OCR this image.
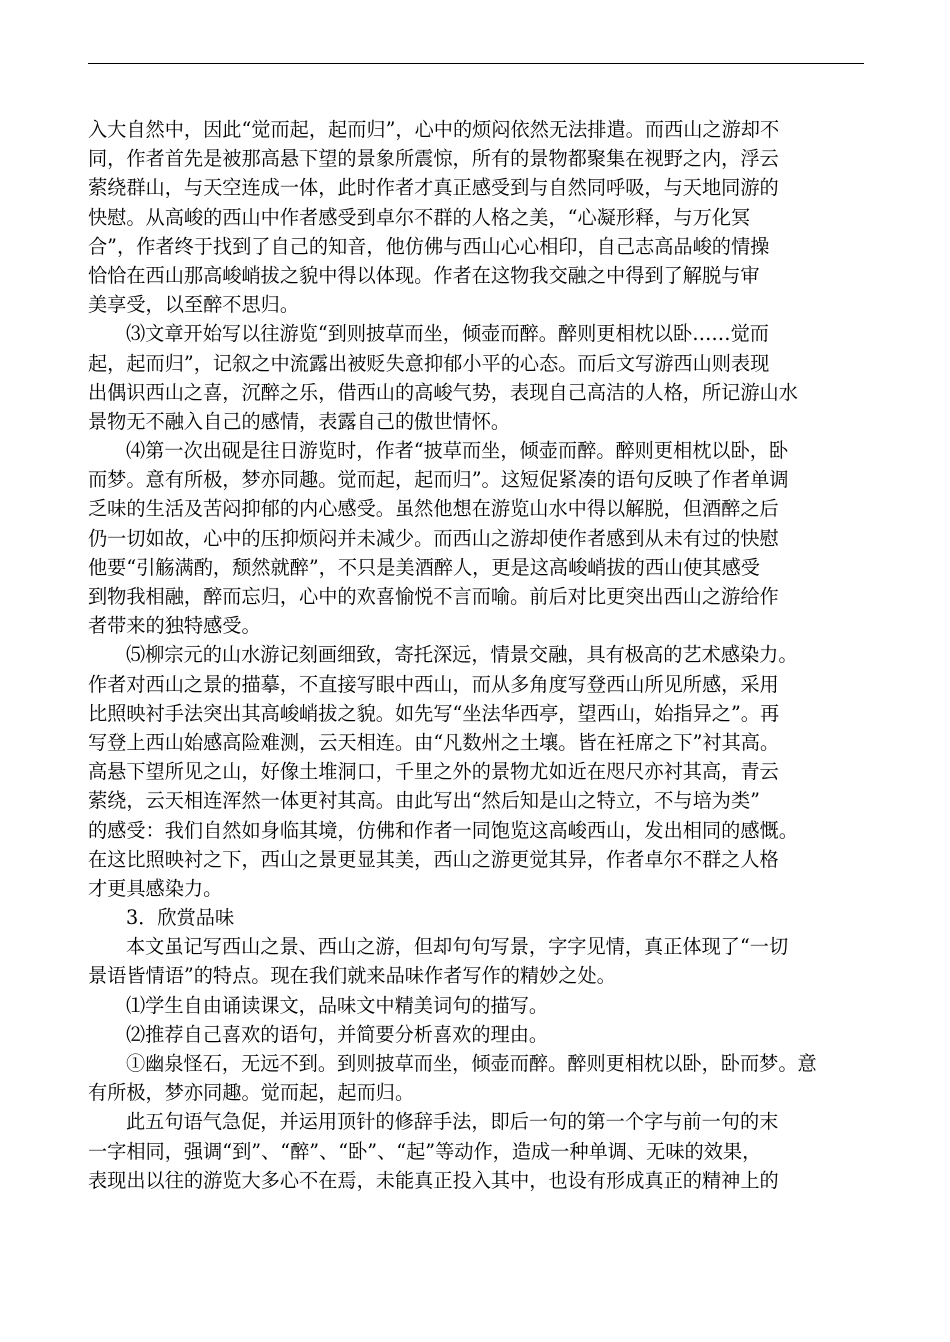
入大自然中，因此“觉而起，起而归”，心中的烦闷依然无法排遣。而西山之游却不
同，作者首先是被那高悬下望的景象所震惊，所有的景物都聚集在视野之内，浮云
萦绕群山，与天空连成一体，此时作者才真正感受到与自然同呼吸，与天地同游的
快慰。从高峻的西山中作者感受到卓尔不群的人格之美，“心凝形释，与万化冥
合”，作者终于找到了自己的知音，他仿佛与西山心心相印，自己志高品峻的情操
恰恰在西山那高峻峭拔之貌中得以体现。作者在这物我交融之中得到了解脱与审
美享受，以至醉不思归。
⑶文章开始写以往游览“到则披草而坐，倾壶而醉。醉则更相枕以卧……觉而
起，起而归”，记叙之中流露出被贬失意抑郁小平的心态。而后文写游西山则表现
出偶识西山之喜，沉醉之乐，借西山的高峻气势，表现自己高洁的人格，所记游山水
景物无不融入自己的感情，表露自己的傲世情怀。
⑷第一次出砚是往日游览时，作者“披草而坐，倾壶而醉。醉则更相枕以卧，卧
而梦。意有所极，梦亦同趣。觉而起，起而归”。这短促紧凑的语句反映了作者单调
乏味的生活及苦闷抑郁的内心感受。虽然他想在游览山水中得以解脱，但酒醉之后
仍一切如故，心中的压抑烦闷并未减少。而西山之游却使作者感到从未有过的快慰
他要“引觞满酌，颓然就醉”，不只是美酒醉人，更是这高峻峭拔的西山使其感受
到物我相融，醉而忘归，心中的欢喜愉悦不言而喻。前后对比更突出西山之游给作
者带来的独特感受。
⑸柳宗元的山水游记刻画细致，寄托深远，情景交融，具有极高的艺术感染力。
作者对西山之景的描摹，不直接写眼中西山，而从多角度写登西山所见所感，采用
比照映衬手法突出其高峻峭拔之貌。如先写“坐法华西亭，望西山，始指异之”。再
写登上西山始感高险难测，云天相连。由“凡数州之土壤。皆在衽席之下”衬其高。
高悬下望所见之山，好像土堆洞口，千里之外的景物尤如近在咫尺亦衬其高，青云
萦绕，云天相连浑然一体更衬其高。由此写出“然后知是山之特立，不与培为类”
的感受：我们自然如身临其境，仿佛和作者一同饱览这高峻西山，发出相同的感慨。
在这比照映衬之下，西山之景更显其美，西山之游更觉其异，作者卓尔不群之人格
才更具感染力。
3．欣赏品味
本文虽记写西山之景、西山之游，但却句句写景，字字见情，真正体现了“一切
景语皆情语”的特点。现在我们就来品味作者写作的精妙之处。
⑴学生自由诵读课文，品味文中精美词句的描写。
⑵推荐自己喜欢的语句，并简要分析喜欢的理由。
①幽泉怪石，无远不到。到则披草而坐，倾壶而醉。醉则更相枕以卧，卧而梦。意
有所极，梦亦同趣。觉而起，起而归。
此五句语气急促，并运用顶针的修辞手法，即后一句的第一个字与前一句的末
一字相同，强调“到”、“醉”、“卧”、“起”等动作，造成一种单调、无味的效果，
表现出以往的游览大多心不在焉，未能真正投入其中，也设有形成真正的精神上的
